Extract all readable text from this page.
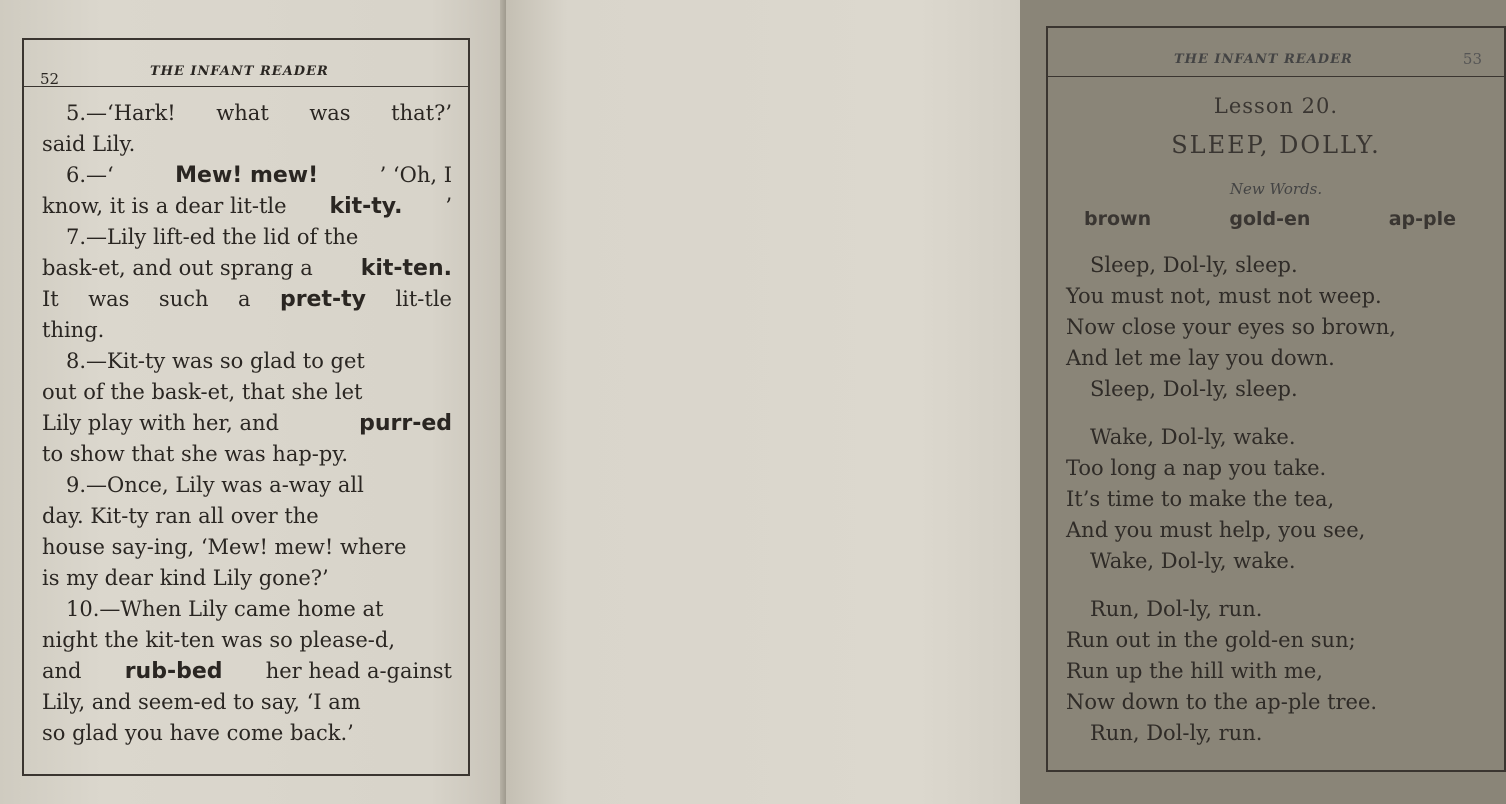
52	THE INFANT READER
5.—‘Hark! what was that?’
said Lily.
6.—‘	Mew! mew!	’ ‘Oh, I
know, it is a dear lit-tle kit-ty. ’
7.—Lily lift-ed the lid of the
bask-et, and out sprang a kit-ten.
It was such a pret-ty lit-tle
thing.
8.—Kit-ty was so glad to get
out of the bask-et, that she let
Lily play with her, and	purr-ed
to show that she was hap-py.
9.—Once, Lily was a-way all
day. Kit-ty ran all over the
house say-ing, ‘Mew! mew! where
is my dear kind Lily gone?’
10.—When Lily came home at
night the kit-ten was so please-d,
and rub-bed her head a-gainst
Lily, and seem-ed to say, ‘I am
so glad you have come back.’
THE INFANT READER	53
Lesson 20.
SLEEP, DOLLY.
New Words.
brown	gold-en	ap-ple
Sleep, Dol-ly, sleep.
You must not, must not weep.
Now close your eyes so brown,
And let me lay you down.
Sleep, Dol-ly, sleep.
Wake, Dol-ly, wake.
Too long a nap you take.
It’s time to make the tea,
And you must help, you see,
Wake, Dol-ly, wake.
Run, Dol-ly, run.
Run out in the gold-en sun;
Run up the hill with me,
Now down to the ap-ple tree.
Run, Dol-ly, run.
